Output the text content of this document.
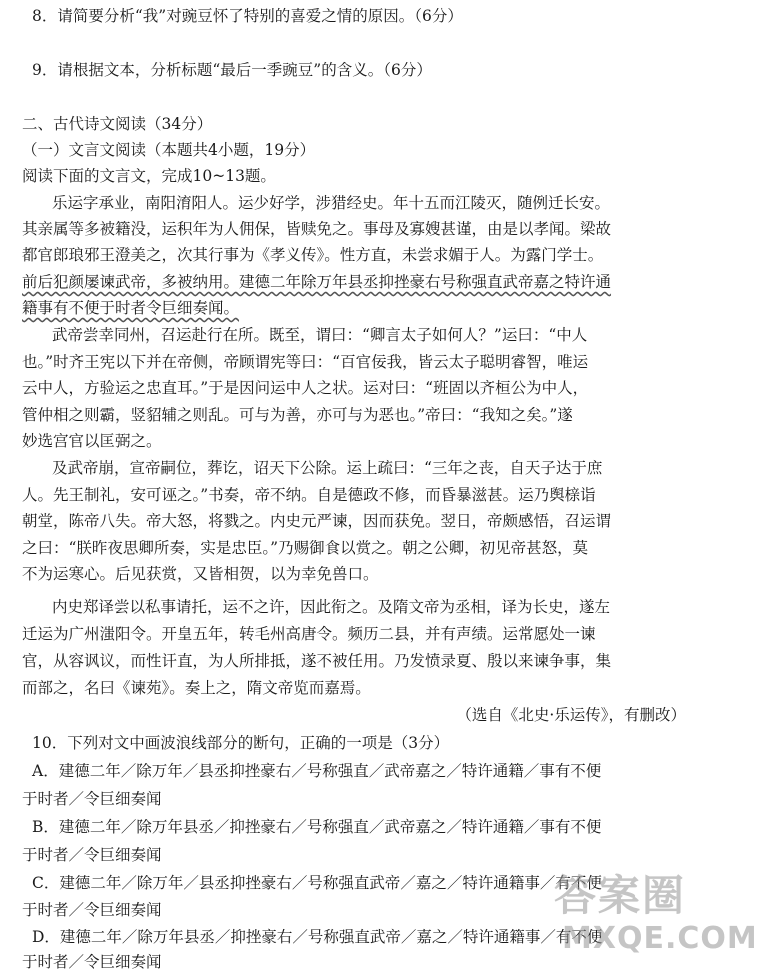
8．请简要分析“我”对豌豆怀了特别的喜爱之情的原因。（6分）
9．请根据文本，分析标题“最后一季豌豆”的含义。（6分）
二、古代诗文阅读（34分）
（一）文言文阅读（本题共4小题，19分）
阅读下面的文言文，完成10~13题。
乐运字承业，南阳淯阳人。运少好学，涉猎经史。年十五而江陵灭，随例迁长安。
其亲属等多被籍没，运积年为人佣保，皆赎免之。事母及寡嫂甚谨，由是以孝闻。梁故
都官郎琅邪王澄美之，次其行事为《孝义传》。性方直，未尝求媚于人。为露门学士。
前后犯颜屡谏武帝，多被纳用。建德二年除万年县丞抑挫豪右号称强直武帝嘉之特许通
籍事有不便于时者令巨细奏闻。
武帝尝幸同州，召运赴行在所。既至，谓曰：“卿言太子如何人？”运曰：“中人
也。”时齐王宪以下并在帝侧，帝顾谓宪等曰：“百官佞我，皆云太子聪明睿智，唯运
云中人，方验运之忠直耳。”于是因问运中人之状。运对曰：“班固以齐桓公为中人，
管仲相之则霸，竖貂辅之则乱。可与为善，亦可与为恶也。”帝曰：“我知之矣。”遂
妙选宫官以匡弼之。
及武帝崩，宣帝嗣位，葬讫，诏天下公除。运上疏曰：“三年之丧，自天子达于庶
人。先王制礼，安可诬之。”书奏，帝不纳。自是德政不修，而昏暴滋甚。运乃舆榇诣
朝堂，陈帝八失。帝大怒，将戮之。内史元严谏，因而获免。翌日，帝颇感悟，召运谓
之曰：“朕昨夜思卿所奏，实是忠臣。”乃赐御食以赏之。朝之公卿，初见帝甚怒，莫
不为运寒心。后见获赏，又皆相贺，以为幸免兽口。
内史郑译尝以私事请托，运不之许，因此衔之。及隋文帝为丞相，译为长史，遂左
迁运为广州滍阳令。开皇五年，转毛州高唐令。频历二县，并有声绩。运常愿处一谏
官，从容讽议，而性讦直，为人所排抵，遂不被任用。乃发愤录夏、殷以来谏争事，集
而部之，名曰《谏苑》。奏上之，隋文帝览而嘉焉。
（选自《北史·乐运传》，有删改）
10．下列对文中画波浪线部分的断句，正确的一项是（3分）
A．建德二年／除万年／县丞抑挫豪右／号称强直／武帝嘉之／特许通籍／事有不便
于时者／令巨细奏闻
B．建德二年／除万年县丞／抑挫豪右／号称强直／武帝嘉之／特许通籍／事有不便
于时者／令巨细奏闻
C．建德二年／除万年／县丞抑挫豪右／号称强直武帝／嘉之／特许通籍事／有不便
于时者／令巨细奏闻
D．建德二年／除万年县丞／抑挫豪右／号称强直武帝／嘉之／特许通籍事／有不便
于时者／令巨细奏闻
答案圈
MXQE.COM
